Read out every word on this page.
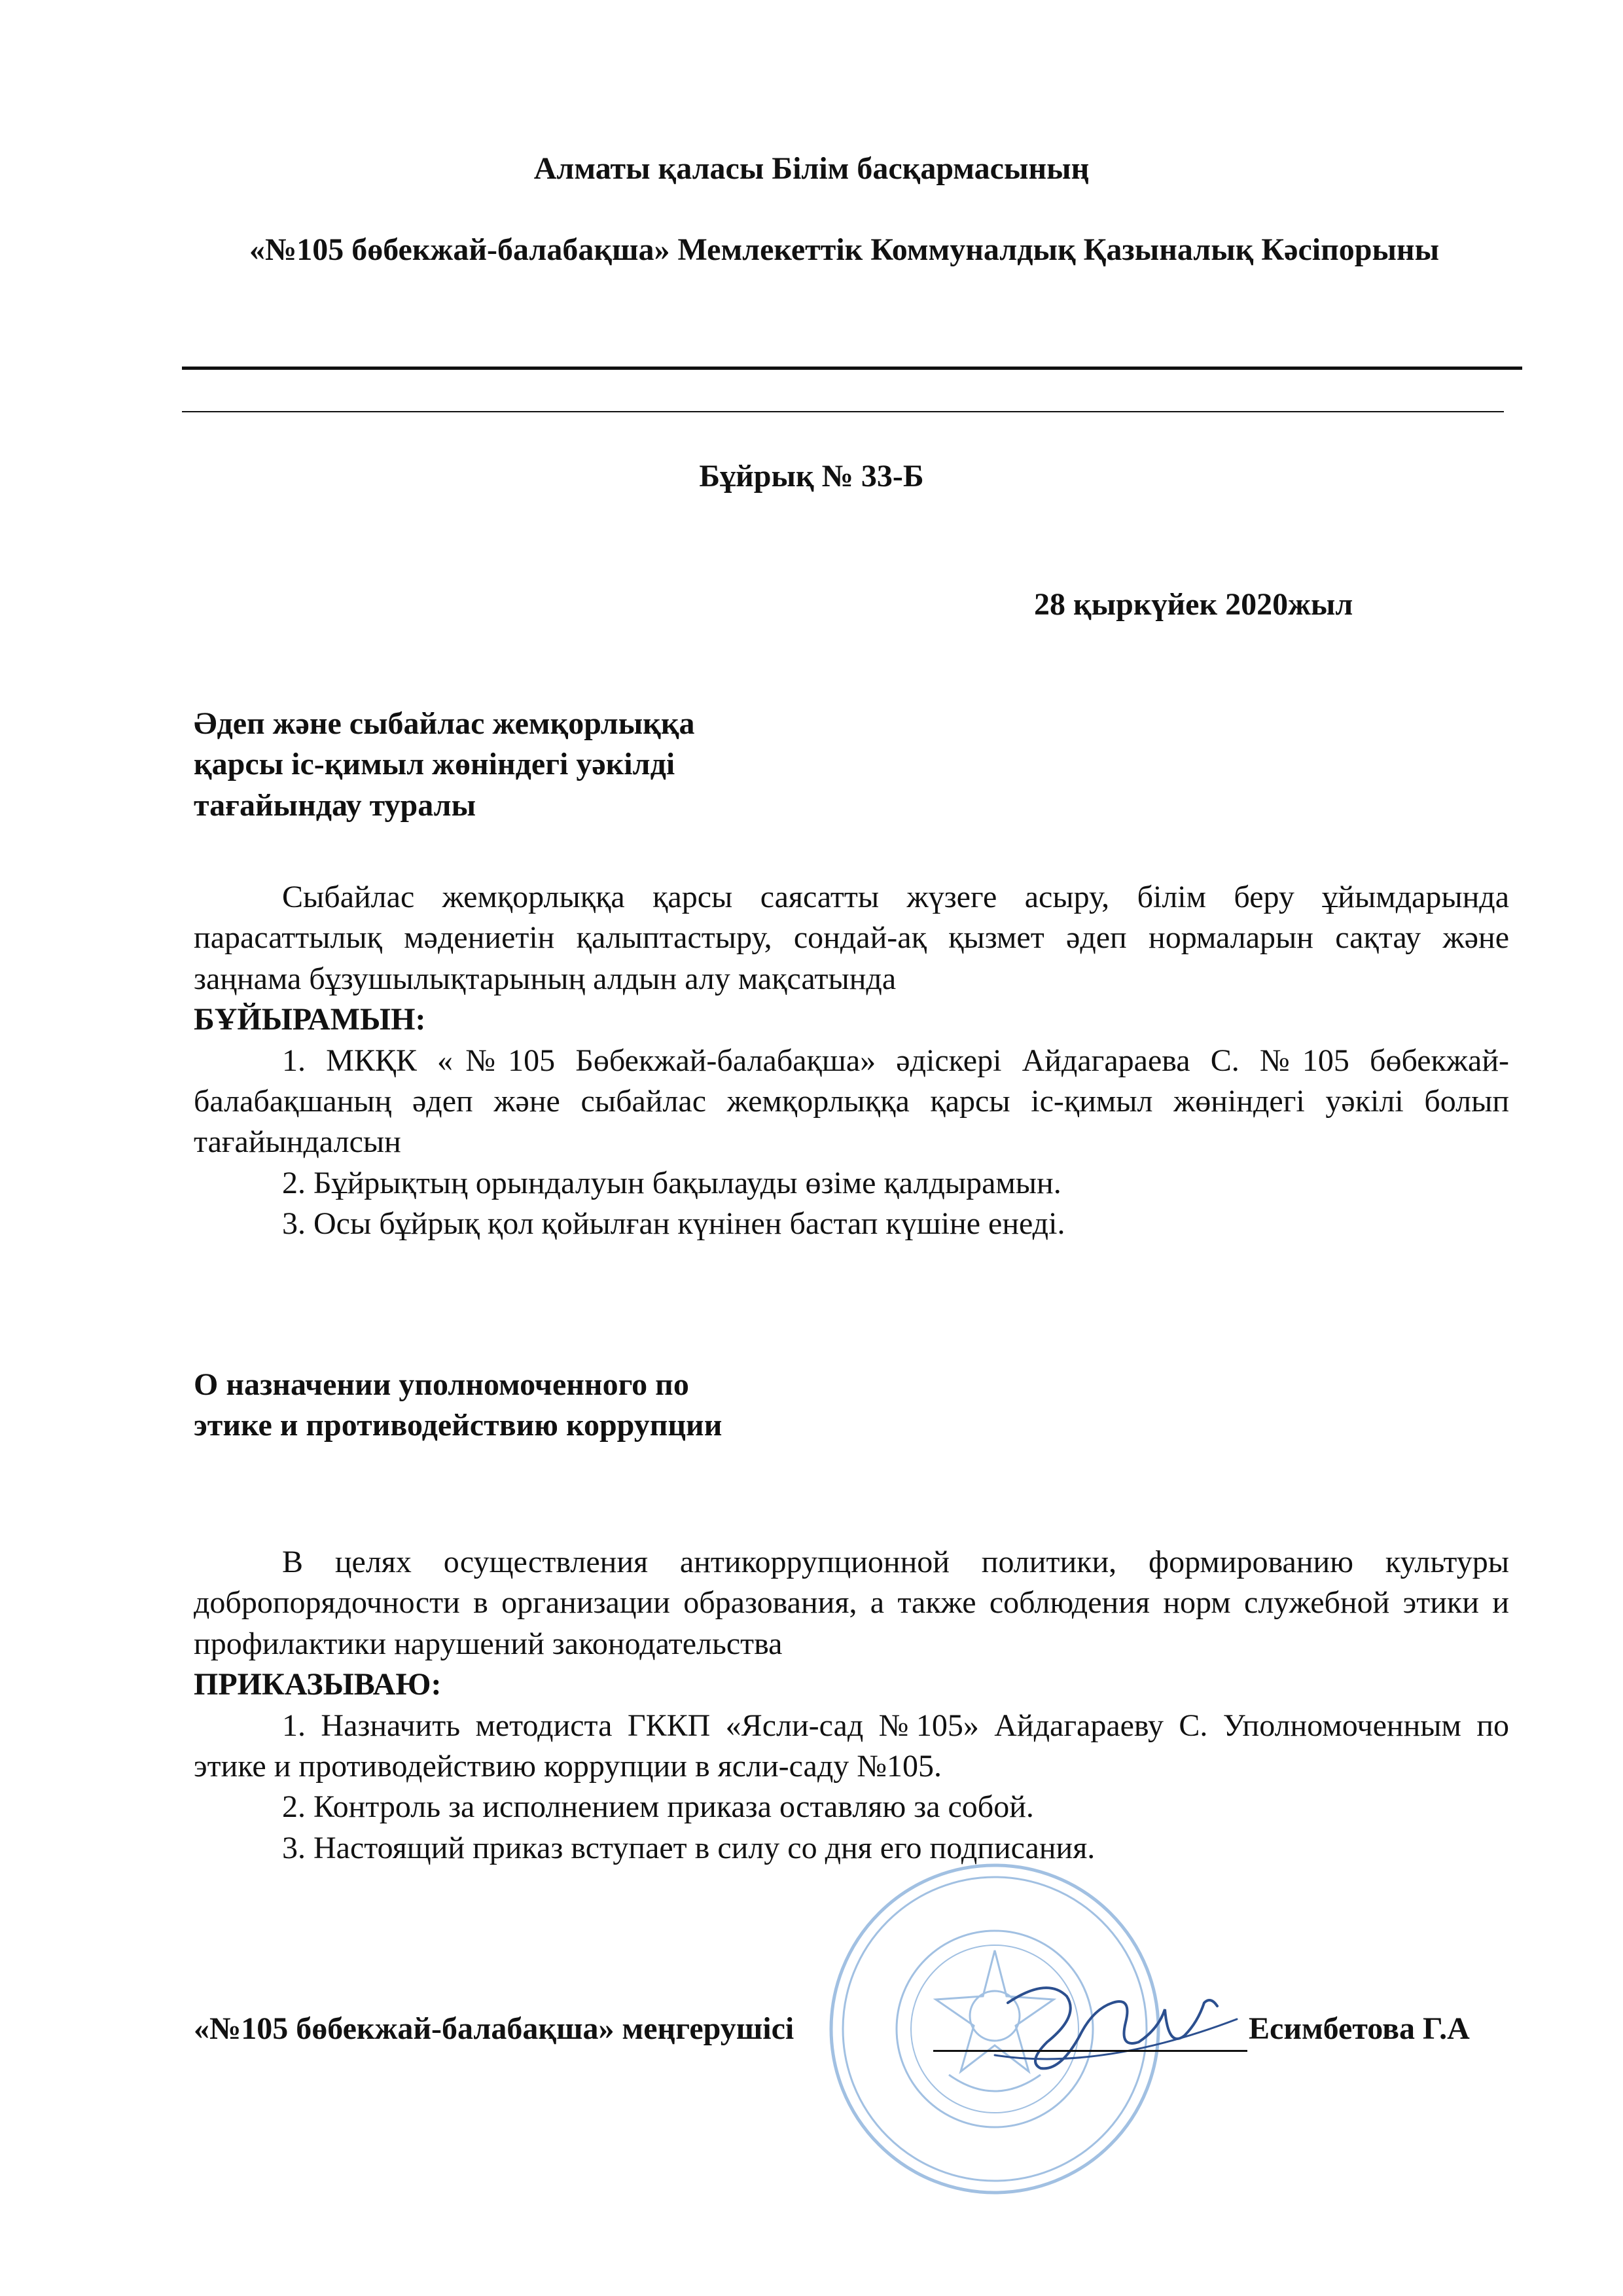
Алматы қаласы Білім басқармасының
«№105 бөбекжай-балабақша» Мемлекеттік Коммуналдық Қазыналық Кәсіпорыны
Бұйрық № 33-Б
28 қыркүйек 2020жыл
Әдеп және сыбайлас жемқорлыққа
қарсы іс-қимыл жөніндегі уәкілді
тағайындау туралы

Сыбайлас жемқорлыққа қарсы саясатты жүзеге асыру, білім беру ұйымдарында парасаттылық мәдениетін қалыптастыру, сондай-ақ қызмет әдеп нормаларын сақтау және заңнама бұзушылықтарының алдын алу мақсатында

БҰЙЫРАМЫН:

1. МКҚК «№105 Бөбекжай-балабақша» әдіскері Айдагараева С. №105 бөбекжай-балабақшаның әдеп және сыбайлас жемқорлыққа қарсы іс-қимыл жөніндегі уәкілі болып тағайындалсын

2. Бұйрықтың орындалуын бақылауды өзіме қалдырамын.

3. Осы бұйрық қол қойылған күнінен бастап күшіне енеді.

О назначении уполномоченного по
этике и противодействию коррупции

В целях осуществления антикоррупционной политики, формированию культуры добропорядочности в организации образования, а также соблюдения норм служебной этики и профилактики нарушений законодательства

ПРИКАЗЫВАЮ:

1. Назначить методиста ГККП «Ясли-сад №105» Айдагараеву С. Уполномоченным по этике и противодействию коррупции в ясли-саду №105.

2. Контроль за исполнением приказа оставляю за собой.

3. Настоящий приказ вступает в силу со дня его подписания.

«№105 бөбекжай-балабақша» меңгерушісі	Есимбетова Г.А
